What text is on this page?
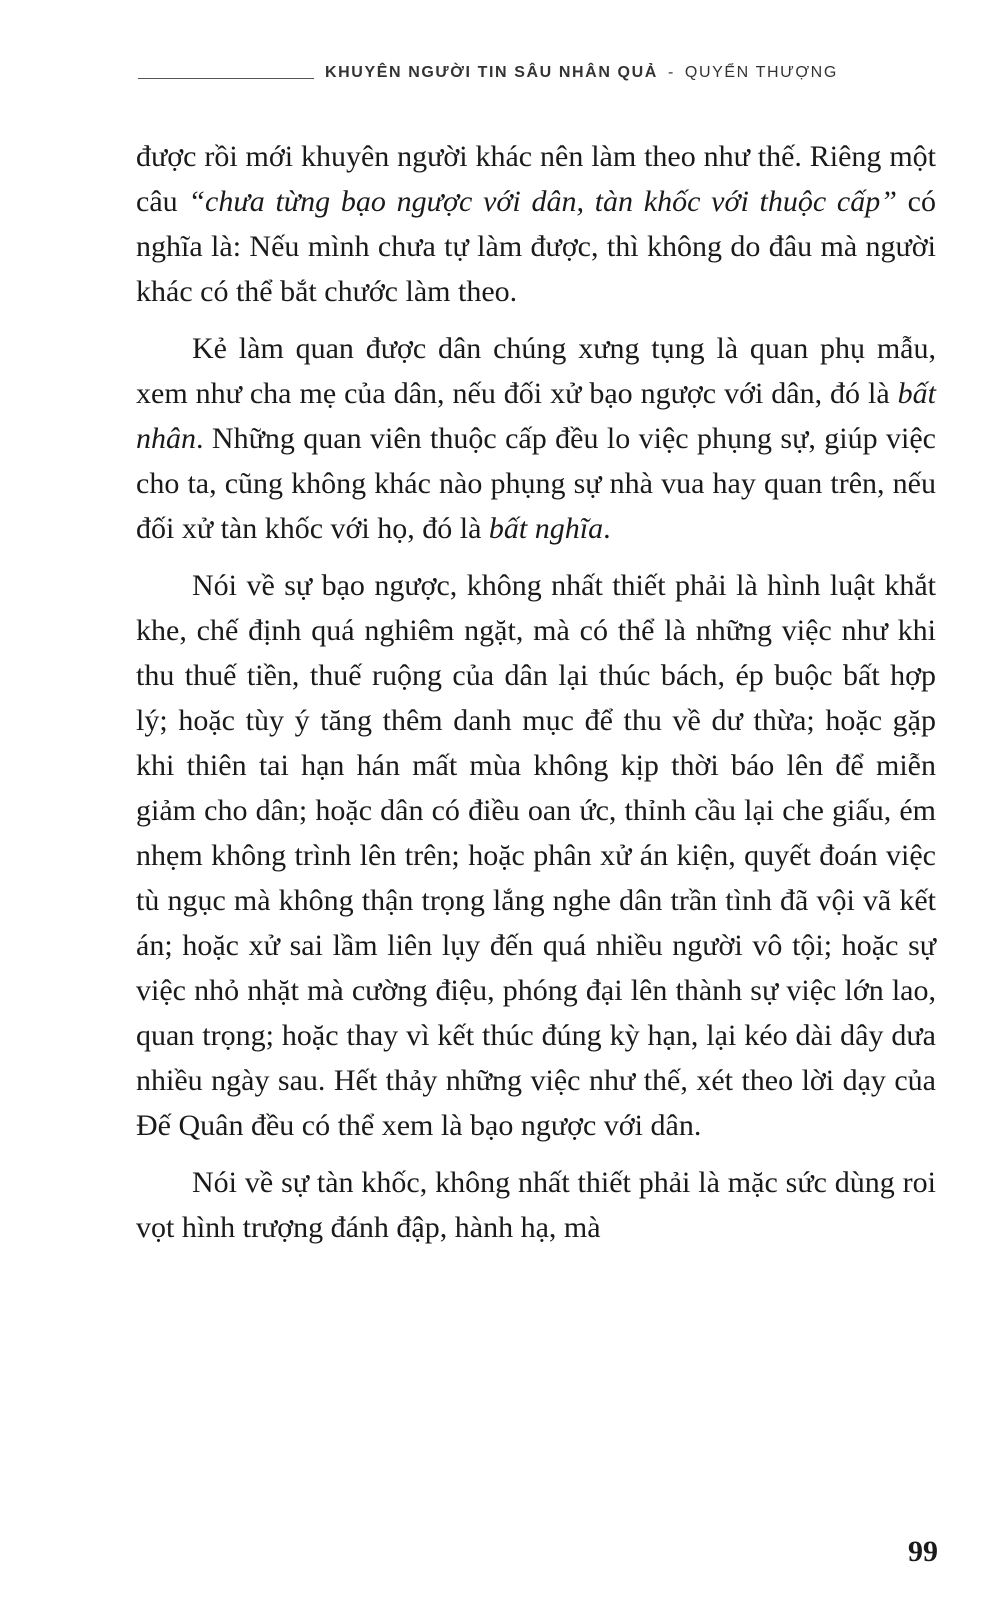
KHUYÊN NGƯỜI TIN SÂU NHÂN QUẢ - QUYỂN THƯỢNG

được rồi mới khuyên người khác nên làm theo như thế. Riêng một câu “chưa từng bạo ngược với dân, tàn khốc với thuộc cấp” có nghĩa là: Nếu mình chưa tự làm được, thì không do đâu mà người khác có thể bắt chước làm theo.

Kẻ làm quan được dân chúng xưng tụng là quan phụ mẫu, xem như cha mẹ của dân, nếu đối xử bạo ngược với dân, đó là bất nhân. Những quan viên thuộc cấp đều lo việc phụng sự, giúp việc cho ta, cũng không khác nào phụng sự nhà vua hay quan trên, nếu đối xử tàn khốc với họ, đó là bất nghĩa.

Nói về sự bạo ngược, không nhất thiết phải là hình luật khắt khe, chế định quá nghiêm ngặt, mà có thể là những việc như khi thu thuế tiền, thuế ruộng của dân lại thúc bách, ép buộc bất hợp lý; hoặc tùy ý tăng thêm danh mục để thu về dư thừa; hoặc gặp khi thiên tai hạn hán mất mùa không kịp thời báo lên để miễn giảm cho dân; hoặc dân có điều oan ức, thỉnh cầu lại che giấu, ém nhẹm không trình lên trên; hoặc phân xử án kiện, quyết đoán việc tù ngục mà không thận trọng lắng nghe dân trần tình đã vội vã kết án; hoặc xử sai lầm liên lụy đến quá nhiều người vô tội; hoặc sự việc nhỏ nhặt mà cường điệu, phóng đại lên thành sự việc lớn lao, quan trọng; hoặc thay vì kết thúc đúng kỳ hạn, lại kéo dài dây dưa nhiều ngày sau. Hết thảy những việc như thế, xét theo lời dạy của Đế Quân đều có thể xem là bạo ngược với dân.

Nói về sự tàn khốc, không nhất thiết phải là mặc sức dùng roi vọt hình trượng đánh đập, hành hạ, mà

99
